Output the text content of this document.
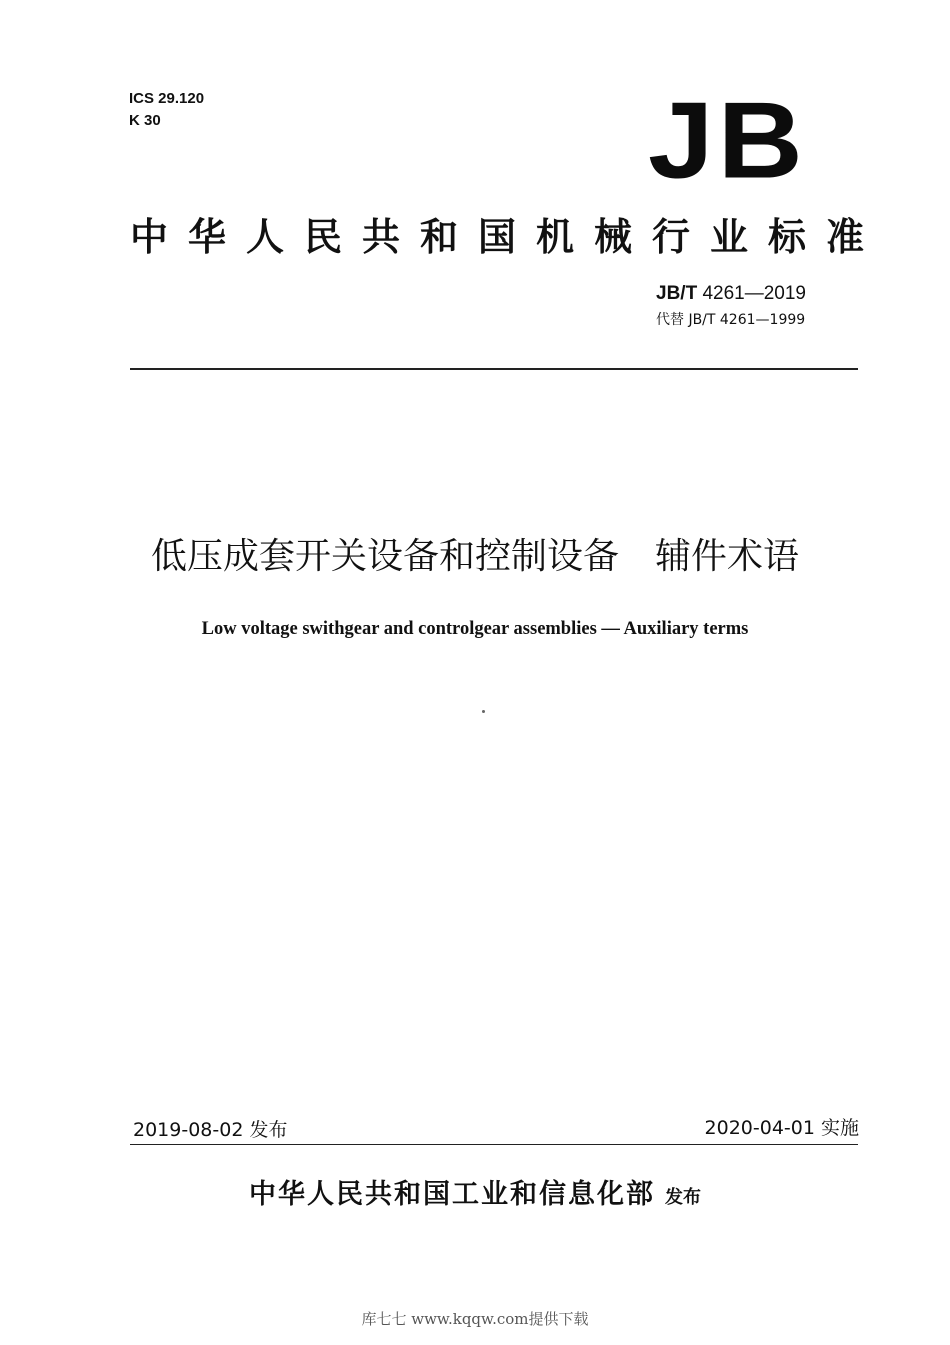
ICS 29.120
K 30	JB
中华人民共和国机械行业标准
JB/T 4261—2019
代替 JB/T 4261—1999
低压成套开关设备和控制设备　辅件术语
Low voltage swithgear and controlgear assemblies — Auxiliary terms
2019-08-02 发布	2020-04-01 实施
中华人民共和国工业和信息化部 发布
库七七 www.kqqw.com提供下载
